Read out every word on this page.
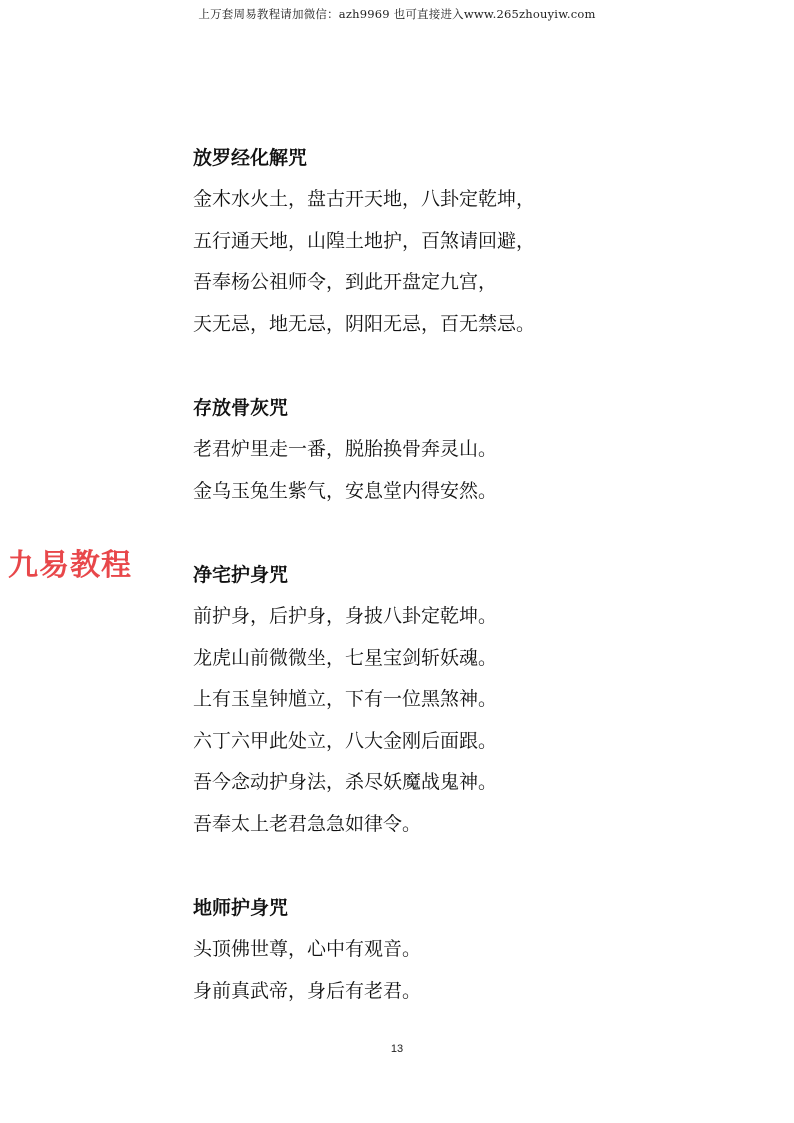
上万套周易教程请加微信：azh9969 也可直接进入www.265zhouyiw.com
九易教程
放罗经化解咒
金木水火土，盘古开天地，八卦定乾坤，
五行通天地，山隍土地护，百煞请回避，
吾奉杨公祖师令，到此开盘定九宫，
天无忌，地无忌，阴阳无忌，百无禁忌。
存放骨灰咒
老君炉里走一番，脱胎换骨奔灵山。
金乌玉兔生紫气，安息堂内得安然。
净宅护身咒
前护身，后护身，身披八卦定乾坤。
龙虎山前微微坐，七星宝剑斩妖魂。
上有玉皇钟馗立，下有一位黑煞神。
六丁六甲此处立，八大金刚后面跟。
吾今念动护身法，杀尽妖魔战鬼神。
吾奉太上老君急急如律令。
地师护身咒
头顶佛世尊，心中有观音。
身前真武帝，身后有老君。
13
